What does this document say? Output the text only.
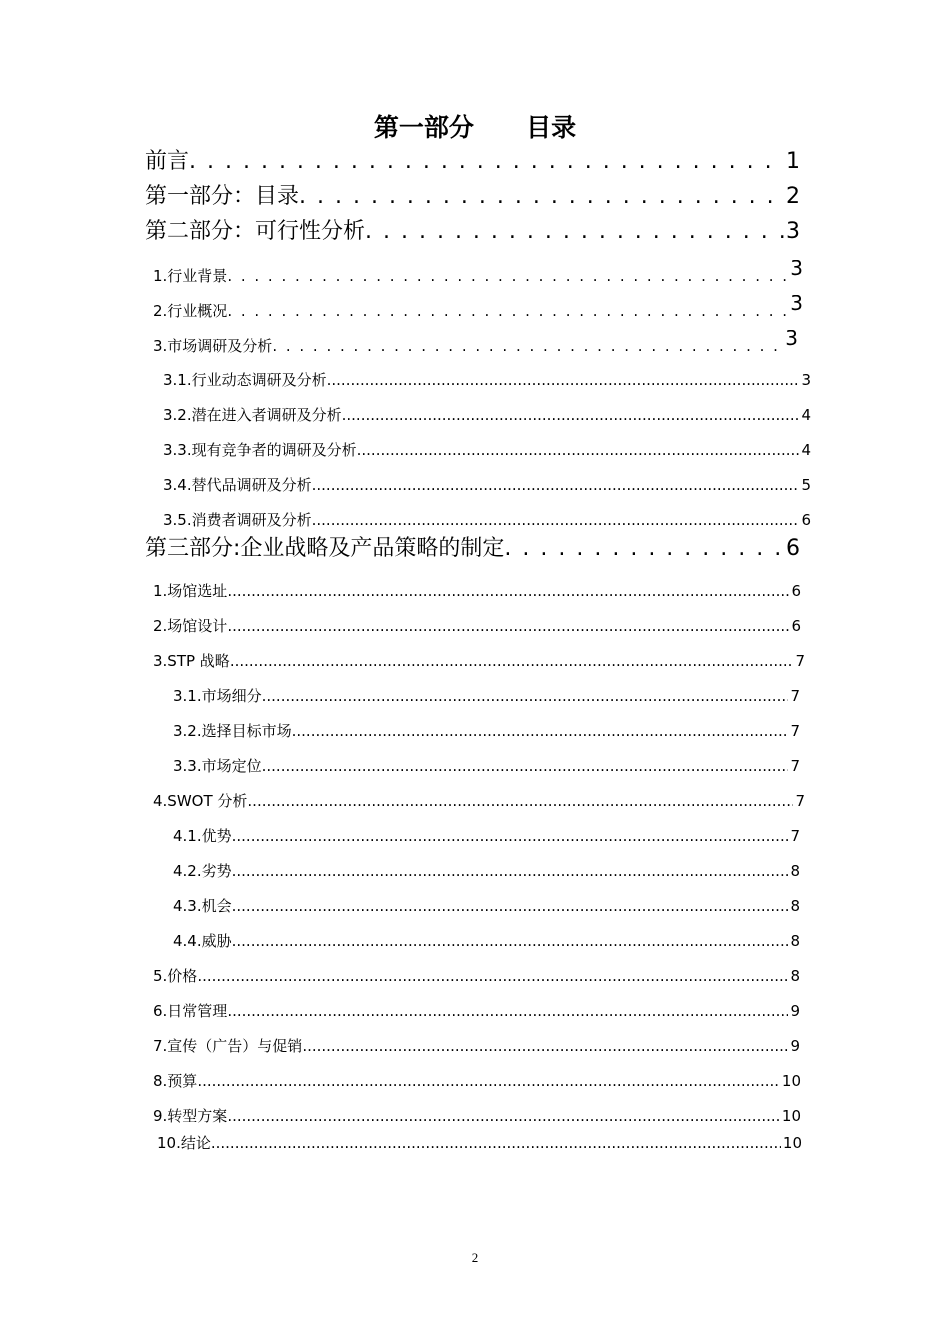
第一部分      目录
前言 . . .	1
第一部分：目录 . . .	2
第二部分：可行性分析 . . .	3
1.行业背景 . . .	3
2.行业概况 . . .	3
3.市场调研及分析 . . .	3
3.1.行业动态调研及分析 .....	3
3.2.潜在进入者调研及分析 .....	4
3.3.现有竞争者的调研及分析 .....	4
3.4.替代品调研及分析 .....	5
3.5.消费者调研及分析 .....	6
第三部分:企业战略及产品策略的制定 . . .	6
1.场馆选址 .....	6
2.场馆设计 .....	6
3.STP 战略 .....	7
3.1.市场细分 .....	7
3.2.选择目标市场 .....	7
3.3.市场定位 .....	7
4.SWOT 分析 .....	7
4.1.优势 .....	7
4.2.劣势 .....	8
4.3.机会 .....	8
4.4.威胁 .....	8
5.价格 .....	8
6.日常管理 .....	9
7.宣传（广告）与促销 .....	9
8.预算 .....	10
9.转型方案 .....	10
10.结论 .....	10
2
